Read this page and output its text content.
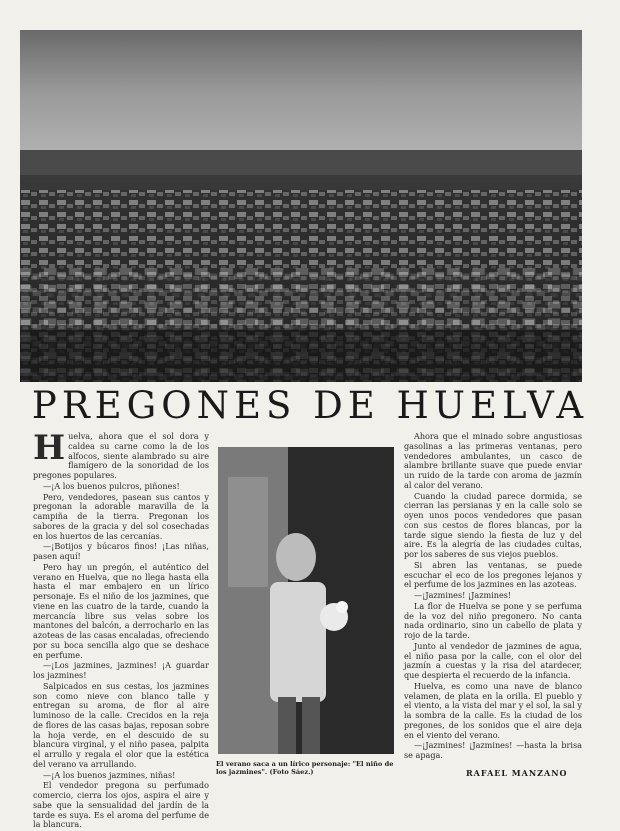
PREGONES DE HUELVA

Huelva, ahora que el sol dora y caldea su carne como la de los alfocos, siente alambrado su aire flamígero de la sonoridad de los pregones populares.

—¡A los buenos pulcros, piñones!

Pero, vendedores, pasean sus cantos y pregonan la adorable maravilla de la campiña de la tierra. Pregonan los sabores de la gracia y del sol cosechadas en los huertos de las cercanías.

—¡Botijos y búcaros finos! ¡Las niñas, pasen aquí!

Pero hay un pregón, el auténtico del verano en Huelva, que no llega hasta ella hasta el mar embajero en un lírico personaje. Es el niño de los jazmines, que viene en las cuatro de la tarde, cuando la mercancía libre sus velas sobre los mantones del balcón, a derrocharlo en las azoteas de las casas encaladas, ofreciendo por su boca sencilla algo que se deshace en perfume.

—¡Los jazmines, jazmines! ¡A guardar los jazmines!

Salpicados en sus cestas, los jazmines son como nieve con blanco talle y entregan su aroma, de flor al aire luminoso de la calle. Crecidos en la reja de flores de las casas bajas, reposan sobre la hoja verde, en el descuido de su blancura virginal, y el niño pasea, palpita el arrullo y regala el olor que la estética del verano va arrullando.

—¡A los buenos jazmines, niñas!

El vendedor pregona su perfumado comercio, cierra los ojos, aspira el aire y sabe que la sensualidad del jardín de la tarde es suya. Es el aroma del perfume de la blancura.

El verano saca a un lírico personaje: "El niño de los jazmines". (Foto Sáez.)

Ahora que el minado sobre angustiosas gasolinas a las primeras ventanas, pero vendedores ambulantes, un casco de alambre brillante suave que puede enviar un ruido de la tarde con aroma de jazmín al calor del verano.

Cuando la ciudad parece dormida, se cierran las persianas y en la calle solo se oyen unos pocos vendedores que pasan con sus cestos de flores blancas, por la tarde sigue siendo la fiesta de luz y del aire. Es la alegría de las ciudades cultas, por los saberes de sus viejos pueblos.

Si abren las ventanas, se puede escuchar el eco de los pregones lejanos y el perfume de los jazmines en las azoteas.

—¡Jazmines! ¡Jazmines!

La flor de Huelva se pone y se perfuma de la voz del niño pregonero. No canta nada ordinario, sino un cabello de plata y rojo de la tarde.

Junto al vendedor de jazmines de agua, el niño pasa por la calle, con el olor del jazmín a cuestas y la risa del atardecer, que despierta el recuerdo de la infancia.

Huelva, es como una nave de blanco velamen, de plata en la orilla. El pueblo y el viento, a la vista del mar y el sol, la sal y la sombra de la calle. Es la ciudad de los pregones, de los sonidos que el aire deja en el viento del verano.

—¡Jazmines! ¡Jazmines! —hasta la brisa se apaga.

RAFAEL MANZANO
